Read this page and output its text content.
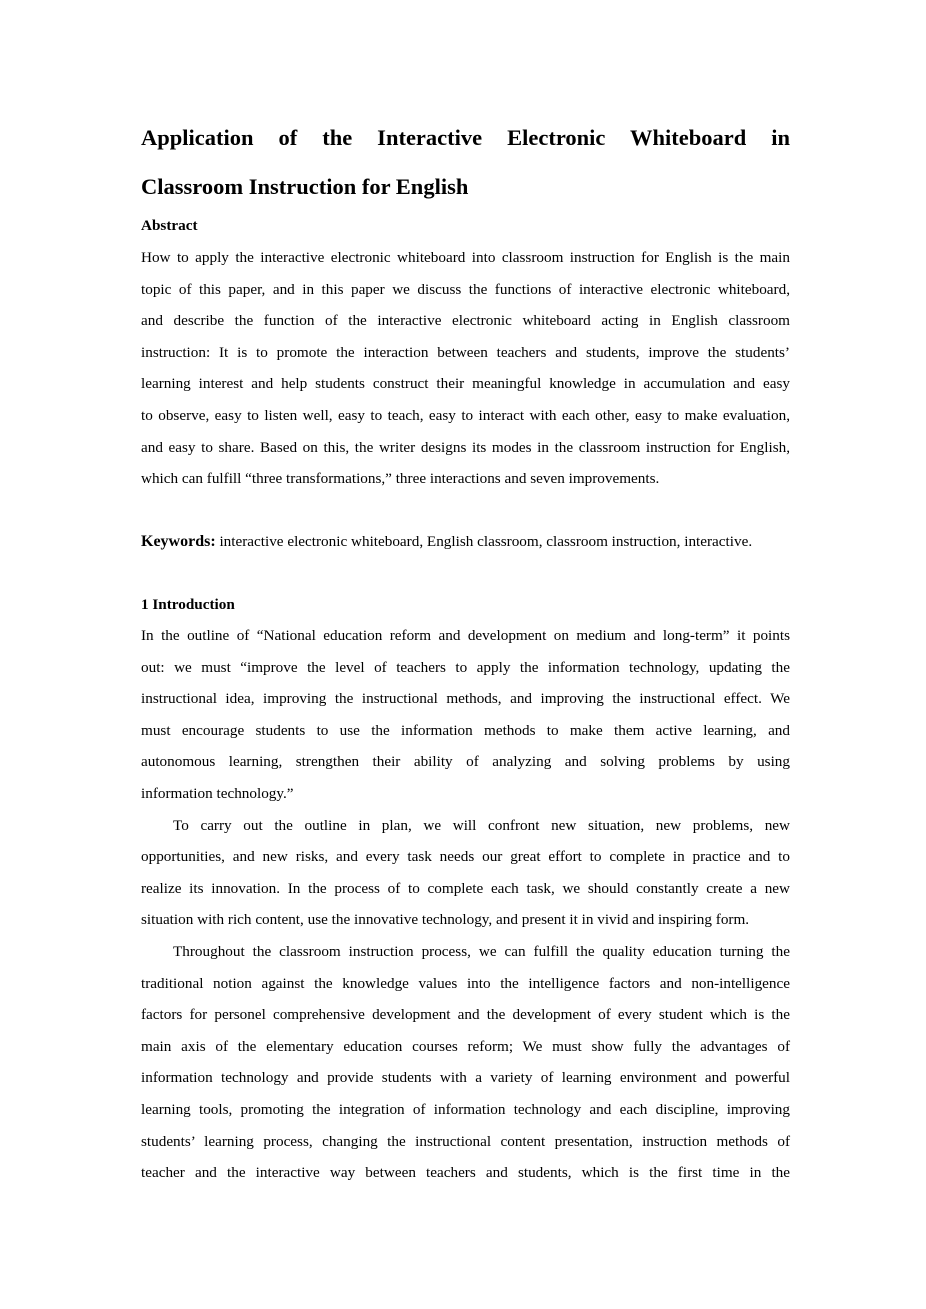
Application of the Interactive Electronic Whiteboard in
Classroom Instruction for English
Abstract
How to apply the interactive electronic whiteboard into classroom instruction for English is the main
topic of this paper, and in this paper we discuss the functions of interactive electronic whiteboard,
and describe the function of the interactive electronic whiteboard acting in English classroom
instruction: It is to promote the interaction between teachers and students, improve the students’
learning interest and help students construct their meaningful knowledge in accumulation and easy
to observe, easy to listen well, easy to teach, easy to interact with each other, easy to make evaluation,
and easy to share. Based on this, the writer designs its modes in the classroom instruction for English,
which can fulfill “three transformations,” three interactions and seven improvements.
Keywords: interactive electronic whiteboard, English classroom, classroom instruction, interactive.
1 Introduction
In the outline of “National education reform and development on medium and long-term” it points
out: we must “improve the level of teachers to apply the information technology, updating the
instructional idea, improving the instructional methods, and improving the instructional effect. We
must encourage students to use the information methods to make them active learning, and
autonomous learning, strengthen their ability of analyzing and solving problems by using
information technology.”
To carry out the outline in plan, we will confront new situation, new problems, new
opportunities, and new risks, and every task needs our great effort to complete in practice and to
realize its innovation. In the process of to complete each task, we should constantly create a new
situation with rich content, use the innovative technology, and present it in vivid and inspiring form.
Throughout the classroom instruction process, we can fulfill the quality education turning the
traditional notion against the knowledge values into the intelligence factors and non-intelligence
factors for personel comprehensive development and the development of every student which is the
main axis of the elementary education courses reform; We must show fully the advantages of
information technology and provide students with a variety of learning environment and powerful
learning tools, promoting the integration of information technology and each discipline, improving
students’ learning process, changing the instructional content presentation, instruction methods of
teacher and the interactive way between teachers and students, which is the first time in the
